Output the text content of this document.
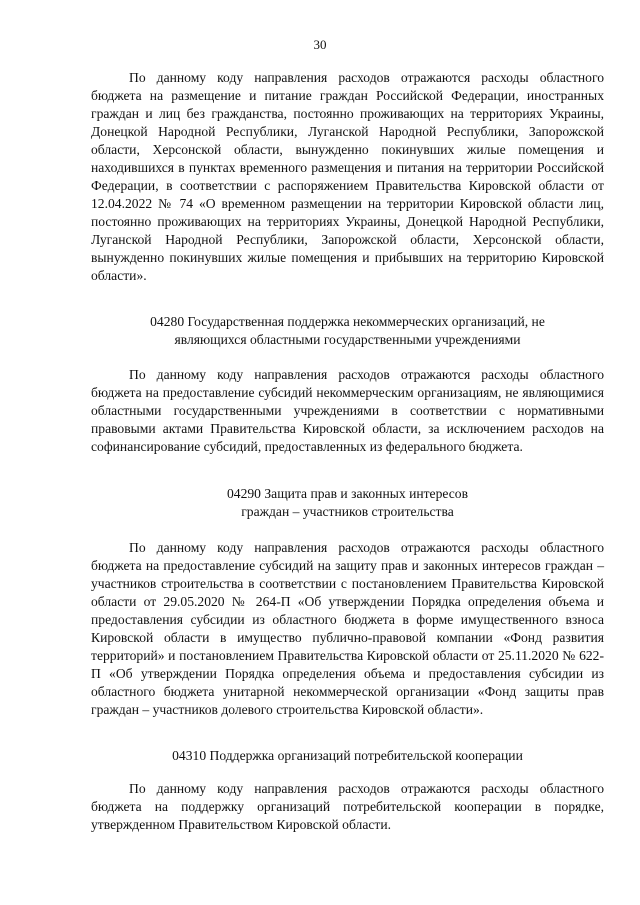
30

По данному коду направления расходов отражаются расходы областного бюджета на размещение и питание граждан Российской Федерации, иностранных граждан и лиц без гражданства, постоянно проживающих на территориях Украины, Донецкой Народной Республики, Луганской Народной Республики, Запорожской области, Херсонской области, вынужденно покинувших жилые помещения и находившихся в пунктах временного размещения и питания на территории Российской Федерации, в соответствии с распоряжением Правительства Кировской области от 12.04.2022 № 74 «О временном размещении на территории Кировской области лиц, постоянно проживающих на территориях Украины, Донецкой Народной Республики, Луганской Народной Республики, Запорожской области, Херсонской области, вынужденно покинувших жилые помещения и прибывших на территорию Кировской области».

04280 Государственная поддержка некоммерческих организаций, не
являющихся областными государственными учреждениями

По данному коду направления расходов отражаются расходы областного бюджета на предоставление субсидий некоммерческим организациям, не являющимися областными государственными учреждениями в соответствии с нормативными правовыми актами Правительства Кировской области, за исключением расходов на софинансирование субсидий, предоставленных из федерального бюджета.

04290 Защита прав и законных интересов
граждан – участников строительства

По данному коду направления расходов отражаются расходы областного бюджета на предоставление субсидий на защиту прав и законных интересов граждан – участников строительства в соответствии с постановлением Правительства Кировской области от 29.05.2020 № 264-П «Об утверждении Порядка определения объема и предоставления субсидии из областного бюджета в форме имущественного взноса Кировской области в имущество публично-правовой компании «Фонд развития территорий» и постановлением Правительства Кировской области от 25.11.2020 № 622-П «Об утверждении Порядка определения объема и предоставления субсидии из областного бюджета унитарной некоммерческой организации «Фонд защиты прав граждан – участников долевого строительства Кировской области».

04310 Поддержка организаций потребительской кооперации

По данному коду направления расходов отражаются расходы областного бюджета на поддержку организаций потребительской кооперации в порядке, утвержденном Правительством Кировской области.
